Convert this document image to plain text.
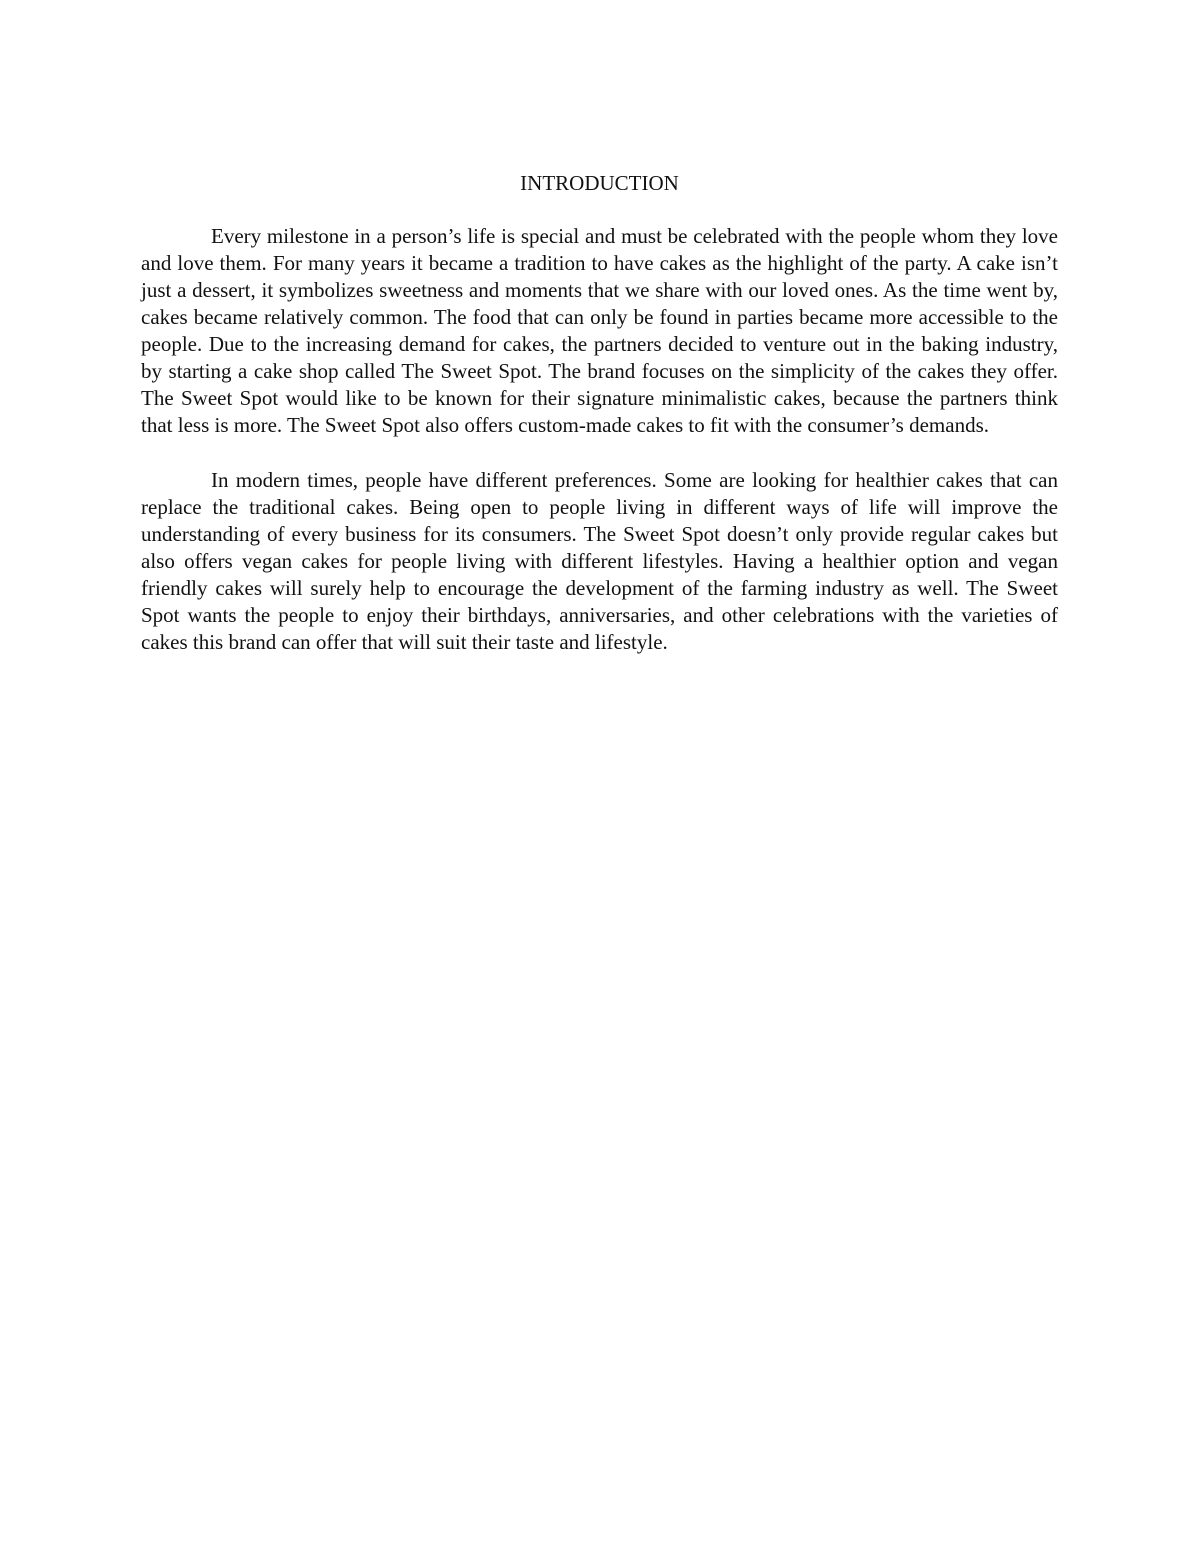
INTRODUCTION

Every milestone in a person’s life is special and must be celebrated with the people whom they love and love them. For many years it became a tradition to have cakes as the highlight of the party. A cake isn’t just a dessert, it symbolizes sweetness and moments that we share with our loved ones. As the time went by, cakes became relatively common. The food that can only be found in parties became more accessible to the people. Due to the increasing demand for cakes, the partners decided to venture out in the baking industry, by starting a cake shop called The Sweet Spot. The brand focuses on the simplicity of the cakes they offer. The Sweet Spot would like to be known for their signature minimalistic cakes, because the partners think that less is more. The Sweet Spot also offers custom-made cakes to fit with the consumer’s demands.

In modern times, people have different preferences. Some are looking for healthier cakes that can replace the traditional cakes. Being open to people living in different ways of life will improve the understanding of every business for its consumers. The Sweet Spot doesn’t only provide regular cakes but also offers vegan cakes for people living with different lifestyles. Having a healthier option and vegan friendly cakes will surely help to encourage the development of the farming industry as well. The Sweet Spot wants the people to enjoy their birthdays, anniversaries, and other celebrations with the varieties of cakes this brand can offer that will suit their taste and lifestyle.
